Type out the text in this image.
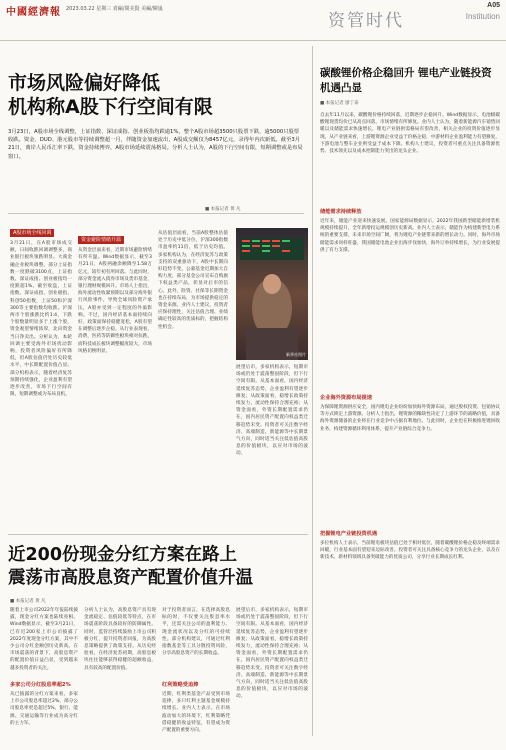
中國經濟報 2023.03.22 星期三 責編/閔美賢 美編/陳嵐
资管时代
A05
Institution
市场风险偏好降低
机构称A股下行空间有限
3月23日，A股市场全线调整，上证指数、深证成指、创业板指均跌逾1%，整个A股市场超3500只股票下跌，逾5000只股票收跌。资金、DUD、港元股市等持续调整超一月，伴随资金加速流出，A股成交额仅为8457亿元，录得年内次新低。截至3月21日，离岸人民币汇率下跌，资金持续博弈，A股市场延续震荡格局。分析人士认为，A股的下行空间有限，短期调整或是布局窗口。
■ 本报记者 黄 凡
A股市场全线回调
3月21日，在A股市场成交额，日间收跌回调调整多，商业银行板块领跌明显。大商金融企业板块调整，部分上证指数一度跌破3100点，上证指数、深证成指、创业板指均一度跌超1%。截至收盘，上证指数、深证成指、创业板指、科创50指数，上证50和沪深300等主要指数均收跌。沪深两市个股涨跌比约1:4，下跌个股数量明显多于上涨个股，资金观望情绪浓厚，北向资金当日净卖出。分析认为，本轮回调主要受海外市场扰动影响，投资者风险偏好有所降低，但A股估值仍处历史较低水平，中长期配置价值凸显。部分机构表示，随着经济复苏预期持续强化，企业盈利有望逐步改善，市场下行空间有限，短期调整或为布局良机。
资金避险情绪升温
从资金层面来看，近期市场避险情绪有所升温。Wind数据显示，截至3月21日，A股两融余额降至1.58万亿元，较年初有所回落。与此同时，部分资金流入债券市场及货币基金，银行理财规模回升。市场人士指出，海外流动性收紧预期以及部分海外银行风险事件，导致全球风险资产承压，A股亦受到一定程度的外溢影响。不过，国内经济基本面持续向好，政策面保持稳健宽松，A股有望在调整后逐步企稳。从行业表现看，消费、医药等防御性板块相对抗跌，而科技成长板块调整幅度较大，市场风格切换明显。
从估值层面看，当前A股整体估值处于历史中低分位，沪深300指数市盈率约11倍，低于历史均值。多家机构认为，在经济复苏与政策支持的双重驱动下，A股中长期向好趋势不变。公募基金近期加大自购力度，部分基金公司宣布自购旗下权益类产品，彰显对后市的信心。此外，险资、社保等长期资金也在持续布局，为市场提供稳定的资金来源。业内人士建议，投资者应保持理性，关注估值合理、业绩确定性较高的优质标的，把握结构性机会。
新华社图片
展望后市，多家机构表示，短期市场或仍处于震荡整固阶段，但下行空间有限。从基本面看，国内经济延续复苏态势，企业盈利有望逐步修复；从政策面看，稳增长政策持续发力，流动性保持合理充裕；从资金面看，外资长期配置需求仍在，国内居民资产配置向权益类迁移趋势未变。投资者可关注数字经济、高端制造、新能源等中长期景气方向，同时适当关注低估值高股息的价值板块，以应对市场的波动。
碳酸锂价格企稳回升 锂电产业链投资机遇凸显
■ 本报记者 廖丁泰
自去年11月以来，碳酸锂价格持续回落，近期逐步企稳回升。Wind数据显示，电池级碳酸锂现货均价已从高点回落，市场情绪有所修复。业内人士认为，随着新能源汽车销售回暖以及储能需求快速增长，锂电产业链供需格局有望改善，相关企业的投资价值逐步显现。从产业链来看，上游锂资源企业受益于价格企稳，中游材料企业盈利能力有望修复，下游电池与整车企业则受益于成本下降。机构人士建议，投资者可重点关注具备资源优势、技术领先以及成本控制能力突出的龙头企业。
储能需求持续释放
近年来，储能产业迎来快速发展。国家能源局数据显示，2022年我国新型储能新增装机规模持续提升，全年新增投运规模创历史新高。业内人士表示，储能作为构建新型电力系统的重要支撑，未来市场空间广阔，将为锂电产业链带来新的增长动力。同时，海外市场储能需求同样旺盛，我国储能电池企业出海步伐加快，海外订单持续增长，为行业发展提供了有力支撑。
企业海外资源布局提速
为保障锂资源供应安全，国内锂电企业纷纷加快海外资源布局，通过股权投资、包销协议等方式锁定上游资源。分析人士指出，锂资源的稀缺性决定了上游环节的战略价值，具备海外资源储备的企业将在行业竞争中占据有利地位。与此同时，企业也在积极推进锂回收业务，构建资源循环利用体系，提升产业链综合竞争力。
把握锂电产业链投资机遇
多位机构人士表示，当前锂电板块估值已处于相对低位，随着碳酸锂价格企稳及终端需求回暖，行业基本面有望迎来边际改善。投资者可关注具备核心竞争力的龙头企业，以及在新技术、新材料领域具备突破能力的优质公司，分享行业长期成长红利。
近200份现金分红方案在路上
震荡市高股息资产配置价值升温
■ 本报记者 黄 凡
随着上市公司2022年年报陆续披露，现金分红方案也陆续亮相。Wind数据显示，截至3月21日，已有近200家上市公司披露了2022年度现金分红方案，其中不少公司分红金额创历史新高。在市场震荡的背景下，高股息资产的配置价值日益凸显，受到越来越多投资者的关注。
多家公司分红股息率超2%
从已披露的分红方案来看，多家上市公司股息率超过2%，部分公司股息率更是超过5%，银行、能源、交通运输等行业成为高分红的主力军。
分析人士认为，高股息资产具有现金流稳定、估值较低等特点，在市场震荡阶段具备较好的防御属性。同时，监管层持续鼓励上市公司积极分红，提升投资者回报，为高股息策略提供了政策支持。从历史经验看，在经济复苏初期，高股息板块往往能够获得稳健的超额收益，具有较高的配置价值。
对于投资者而言，在选择高股息标的时，不仅要关注股息率水平，还需关注公司的盈利能力、现金流状况以及分红的可持续性。部分机构建议，可通过红利指数基金等工具分散投资风险，分享高股息资产的长期收益。
红利策略受追捧
近期，红利类基金产品受到市场追捧，多只红利主题基金规模持续增长。业内人士表示，在市场波动加大的环境下，红利策略凭借稳健的收益特征，有望成为资产配置的重要方向。
展望后市，多家机构表示，短期市场或仍处于震荡整固阶段，但下行空间有限。从基本面看，国内经济延续复苏态势，企业盈利有望逐步修复；从政策面看，稳增长政策持续发力，流动性保持合理充裕；从资金面看，外资长期配置需求仍在，国内居民资产配置向权益类迁移趋势未变。投资者可关注数字经济、高端制造、新能源等中长期景气方向，同时适当关注低估值高股息的价值板块，以应对市场的波动。
